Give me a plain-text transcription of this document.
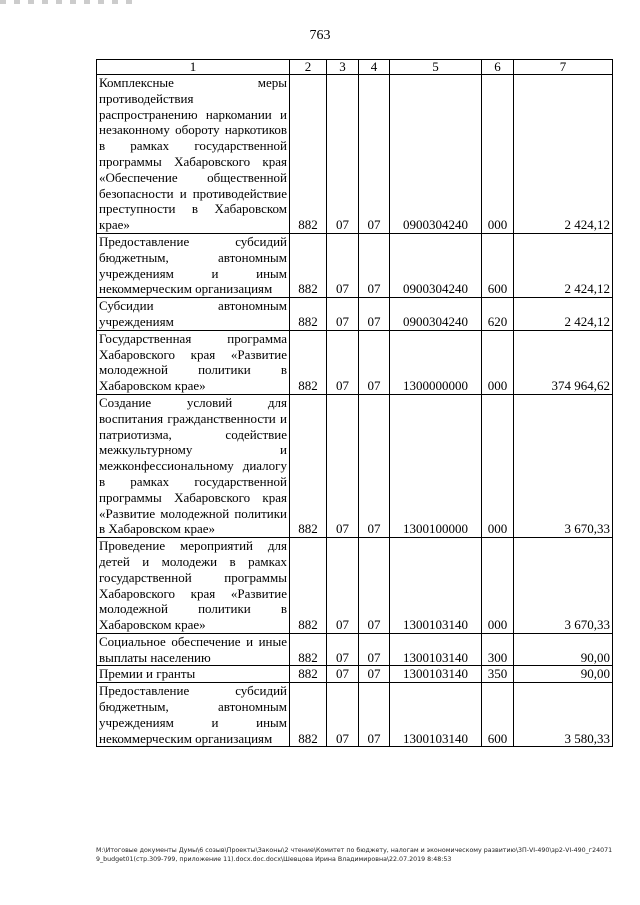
763
1	2	3	4	5	6	7
Комплексные меры противодействия распространению наркомании и незаконному обороту наркотиков в рамках государственной программы Хабаровского края «Обеспечение общественной безопасности и противодействие преступности в Хабаровском крае»	882	07	07	0900304240	000	2 424,12
Предоставление субсидий бюджетным, автономным учреждениям и иным некоммерческим организациям	882	07	07	0900304240	600	2 424,12
Субсидии автономным учреждениям	882	07	07	0900304240	620	2 424,12
Государственная программа Хабаровского края «Развитие молодежной политики в Хабаровском крае»	882	07	07	1300000000	000	374 964,62
Создание условий для воспитания гражданственности и патриотизма, содействие межкультурному и межконфессиональному диалогу в рамках государственной программы Хабаровского края «Развитие молодежной политики в Хабаровском крае»	882	07	07	1300100000	000	3 670,33
Проведение мероприятий для детей и молодежи в рамках государственной программы Хабаровского края «Развитие молодежной политики в Хабаровском крае»	882	07	07	1300103140	000	3 670,33
Социальное обеспечение и иные выплаты населению	882	07	07	1300103140	300	90,00
Премии и гранты	882	07	07	1300103140	350	90,00
Предоставление субсидий бюджетным, автономным учреждениям и иным некоммерческим организациям	882	07	07	1300103140	600	3 580,33
М:\Итоговые документы Думы\6 созыв\Проекты\Законы\2 чтение\Комитет по бюджету, налогам и экономическому развитию\3П-VI-490\зр2-VI-490_г240719_budget01(стр.309-799, приложение 11).docx.doc.docx\Шевцова Ирина Владимировна\22.07.2019 8:48:53
